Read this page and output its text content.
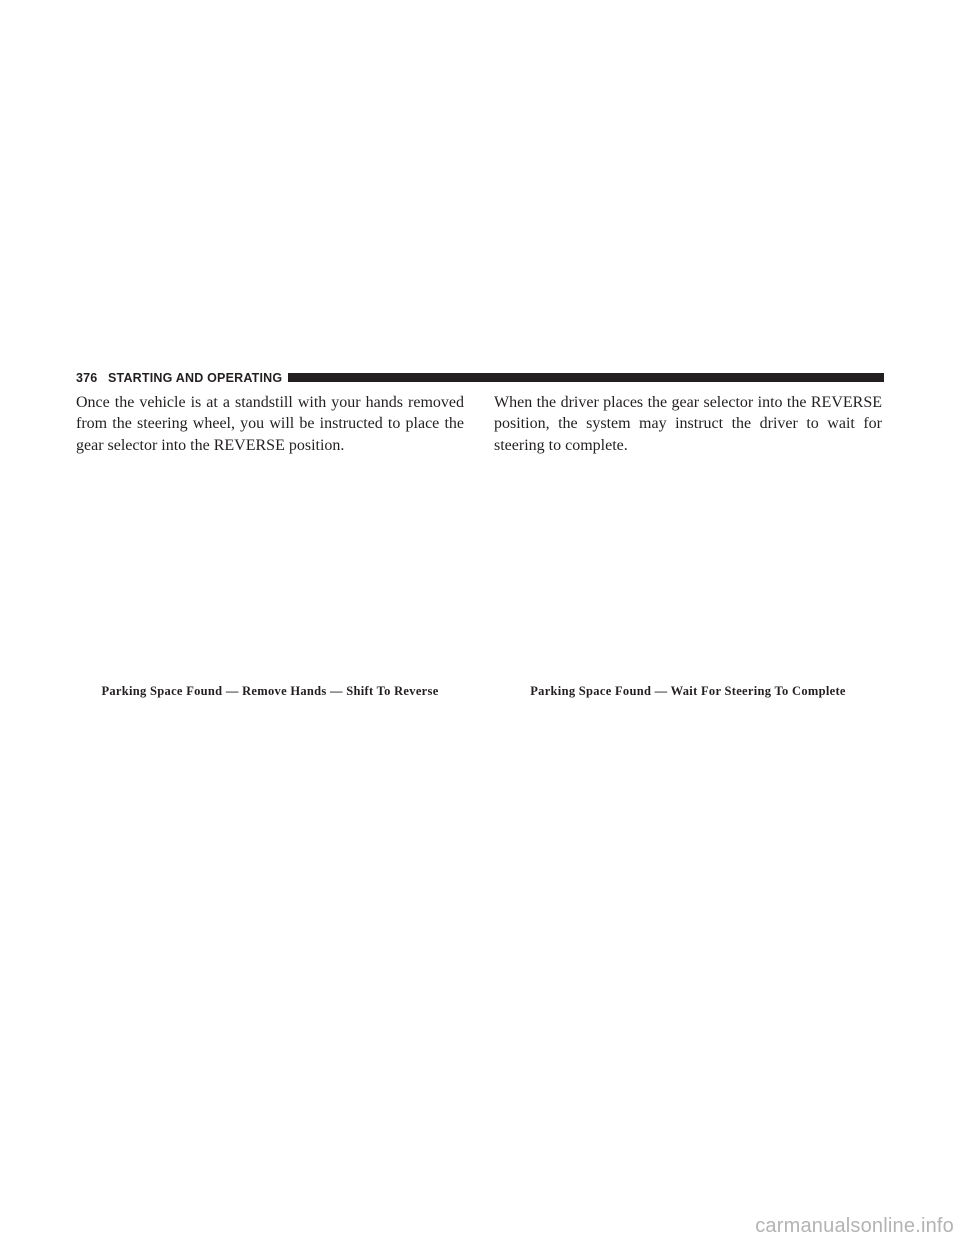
376 STARTING AND OPERATING

Once the vehicle is at a standstill with your hands removed from the steering wheel, you will be instructed to place the gear selector into the REVERSE position.

When the driver places the gear selector into the REVERSE position, the system may instruct the driver to wait for steering to complete.

Parking Space Found — Remove Hands — Shift To Reverse	Parking Space Found — Wait For Steering To Complete

carmanualsonline.info
